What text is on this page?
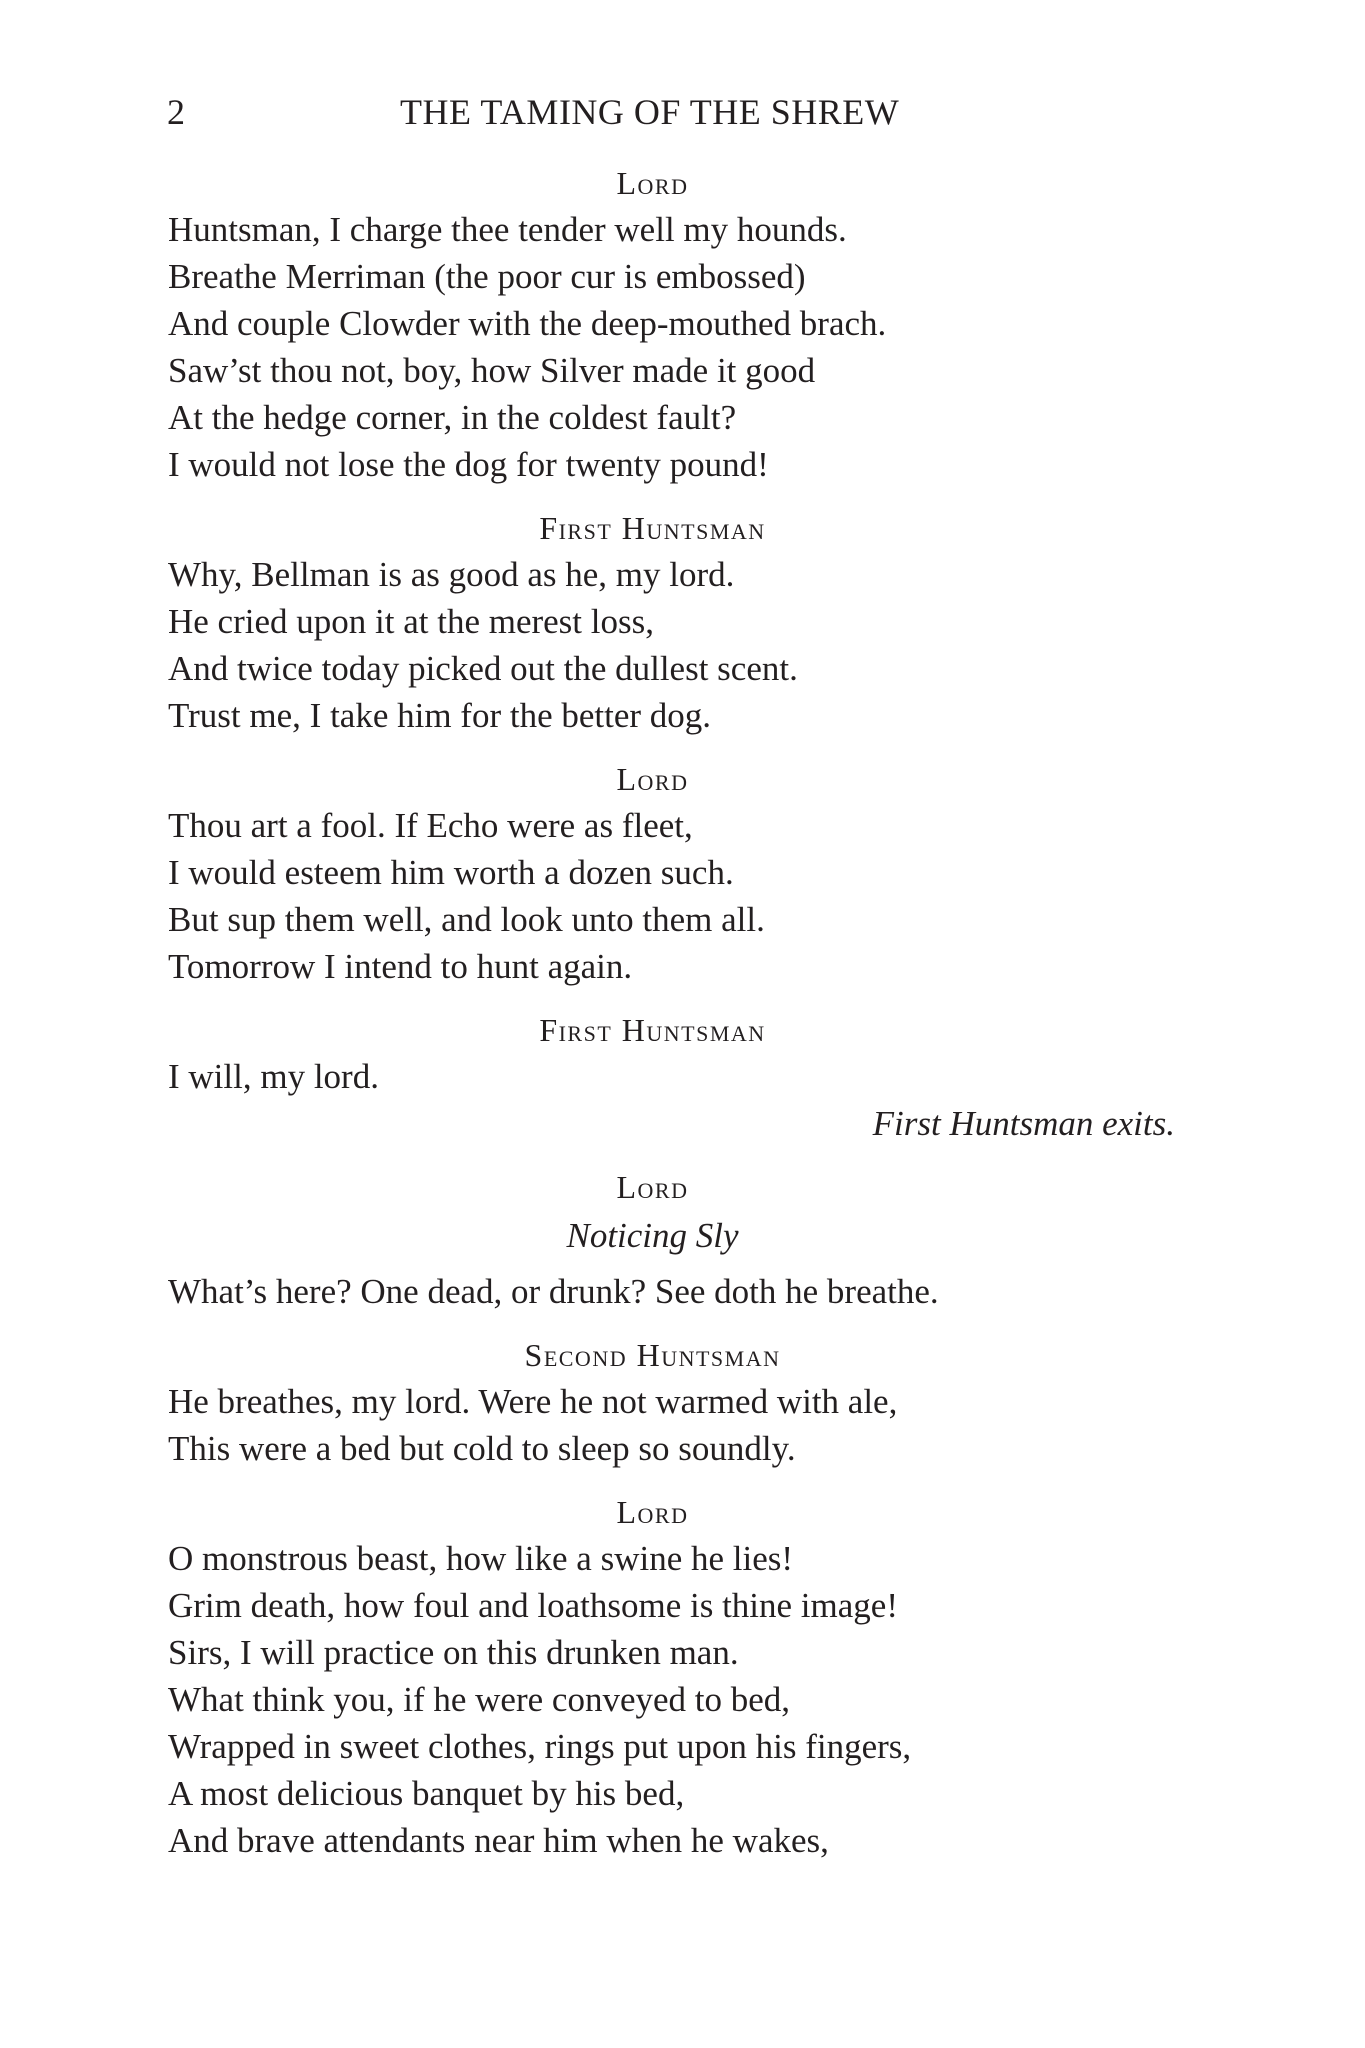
2	THE TAMING OF THE SHREW
Lord
Huntsman, I charge thee tender well my hounds.
Breathe Merriman (the poor cur is embossed)
And couple Clowder with the deep-mouthed brach.
Saw’st thou not, boy, how Silver made it good
At the hedge corner, in the coldest fault?
I would not lose the dog for twenty pound!
First Huntsman
Why, Bellman is as good as he, my lord.
He cried upon it at the merest loss,
And twice today picked out the dullest scent.
Trust me, I take him for the better dog.
Lord
Thou art a fool. If Echo were as fleet,
I would esteem him worth a dozen such.
But sup them well, and look unto them all.
Tomorrow I intend to hunt again.
First Huntsman
I will, my lord.
First Huntsman exits.
Lord
Noticing Sly
What’s here? One dead, or drunk? See doth he breathe.
Second Huntsman
He breathes, my lord. Were he not warmed with ale,
This were a bed but cold to sleep so soundly.
Lord
O monstrous beast, how like a swine he lies!
Grim death, how foul and loathsome is thine image!
Sirs, I will practice on this drunken man.
What think you, if he were conveyed to bed,
Wrapped in sweet clothes, rings put upon his fingers,
A most delicious banquet by his bed,
And brave attendants near him when he wakes,
